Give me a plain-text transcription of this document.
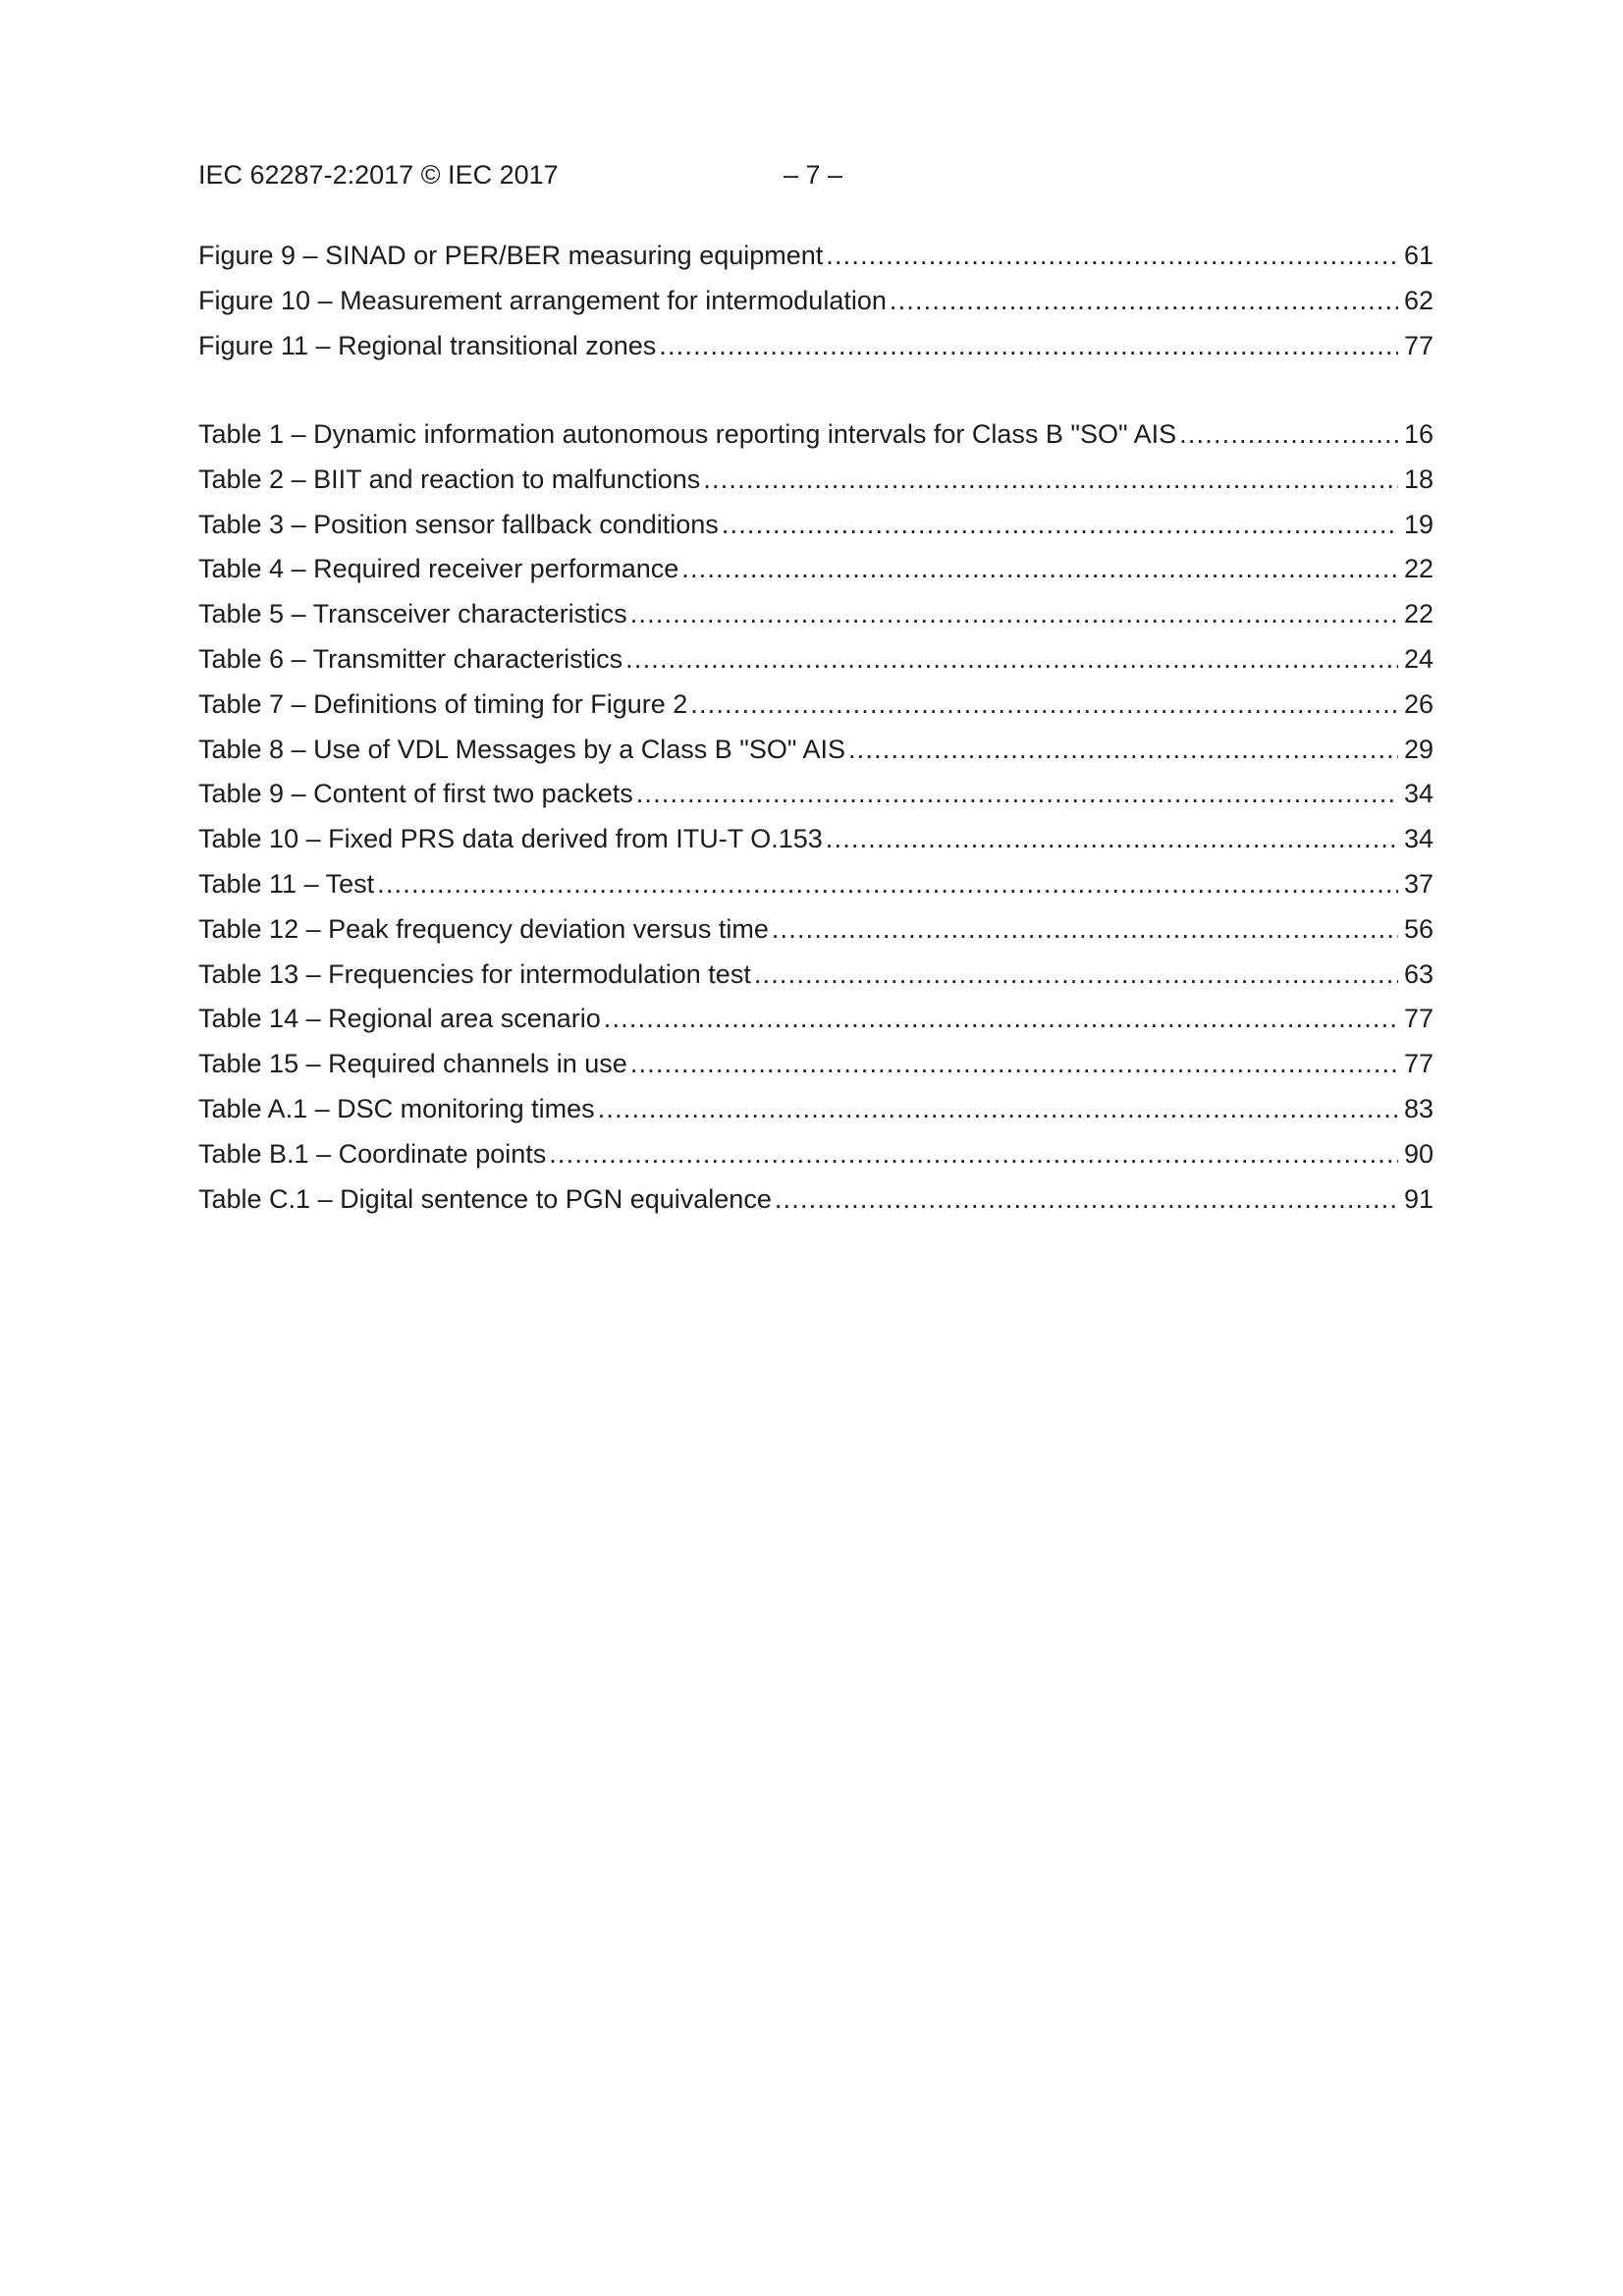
IEC 62287-2:2017 © IEC 2017	– 7 –
Figure 9 – SINAD or PER/BER measuring equipment .....	61
Figure 10 – Measurement arrangement for intermodulation .....	62
Figure 11 – Regional transitional zones .....	77
Table 1 – Dynamic information autonomous reporting intervals for Class B "SO" AIS .....	16
Table 2 – BIIT and reaction to malfunctions .....	18
Table 3 – Position sensor fallback conditions .....	19
Table 4 – Required receiver performance .....	22
Table 5 – Transceiver characteristics .....	22
Table 6 – Transmitter characteristics .....	24
Table 7 – Definitions of timing for Figure 2 .....	26
Table 8 – Use of VDL Messages by a Class B "SO" AIS .....	29
Table 9 – Content of first two packets .....	34
Table 10 – Fixed PRS data derived from ITU-T O.153 .....	34
Table 11 – Test .....	37
Table 12 – Peak frequency deviation versus time .....	56
Table 13 – Frequencies for intermodulation test .....	63
Table 14 – Regional area scenario .....	77
Table 15 – Required channels in use .....	77
Table A.1 – DSC monitoring times .....	83
Table B.1 – Coordinate points .....	90
Table C.1 – Digital sentence to PGN equivalence .....	91
